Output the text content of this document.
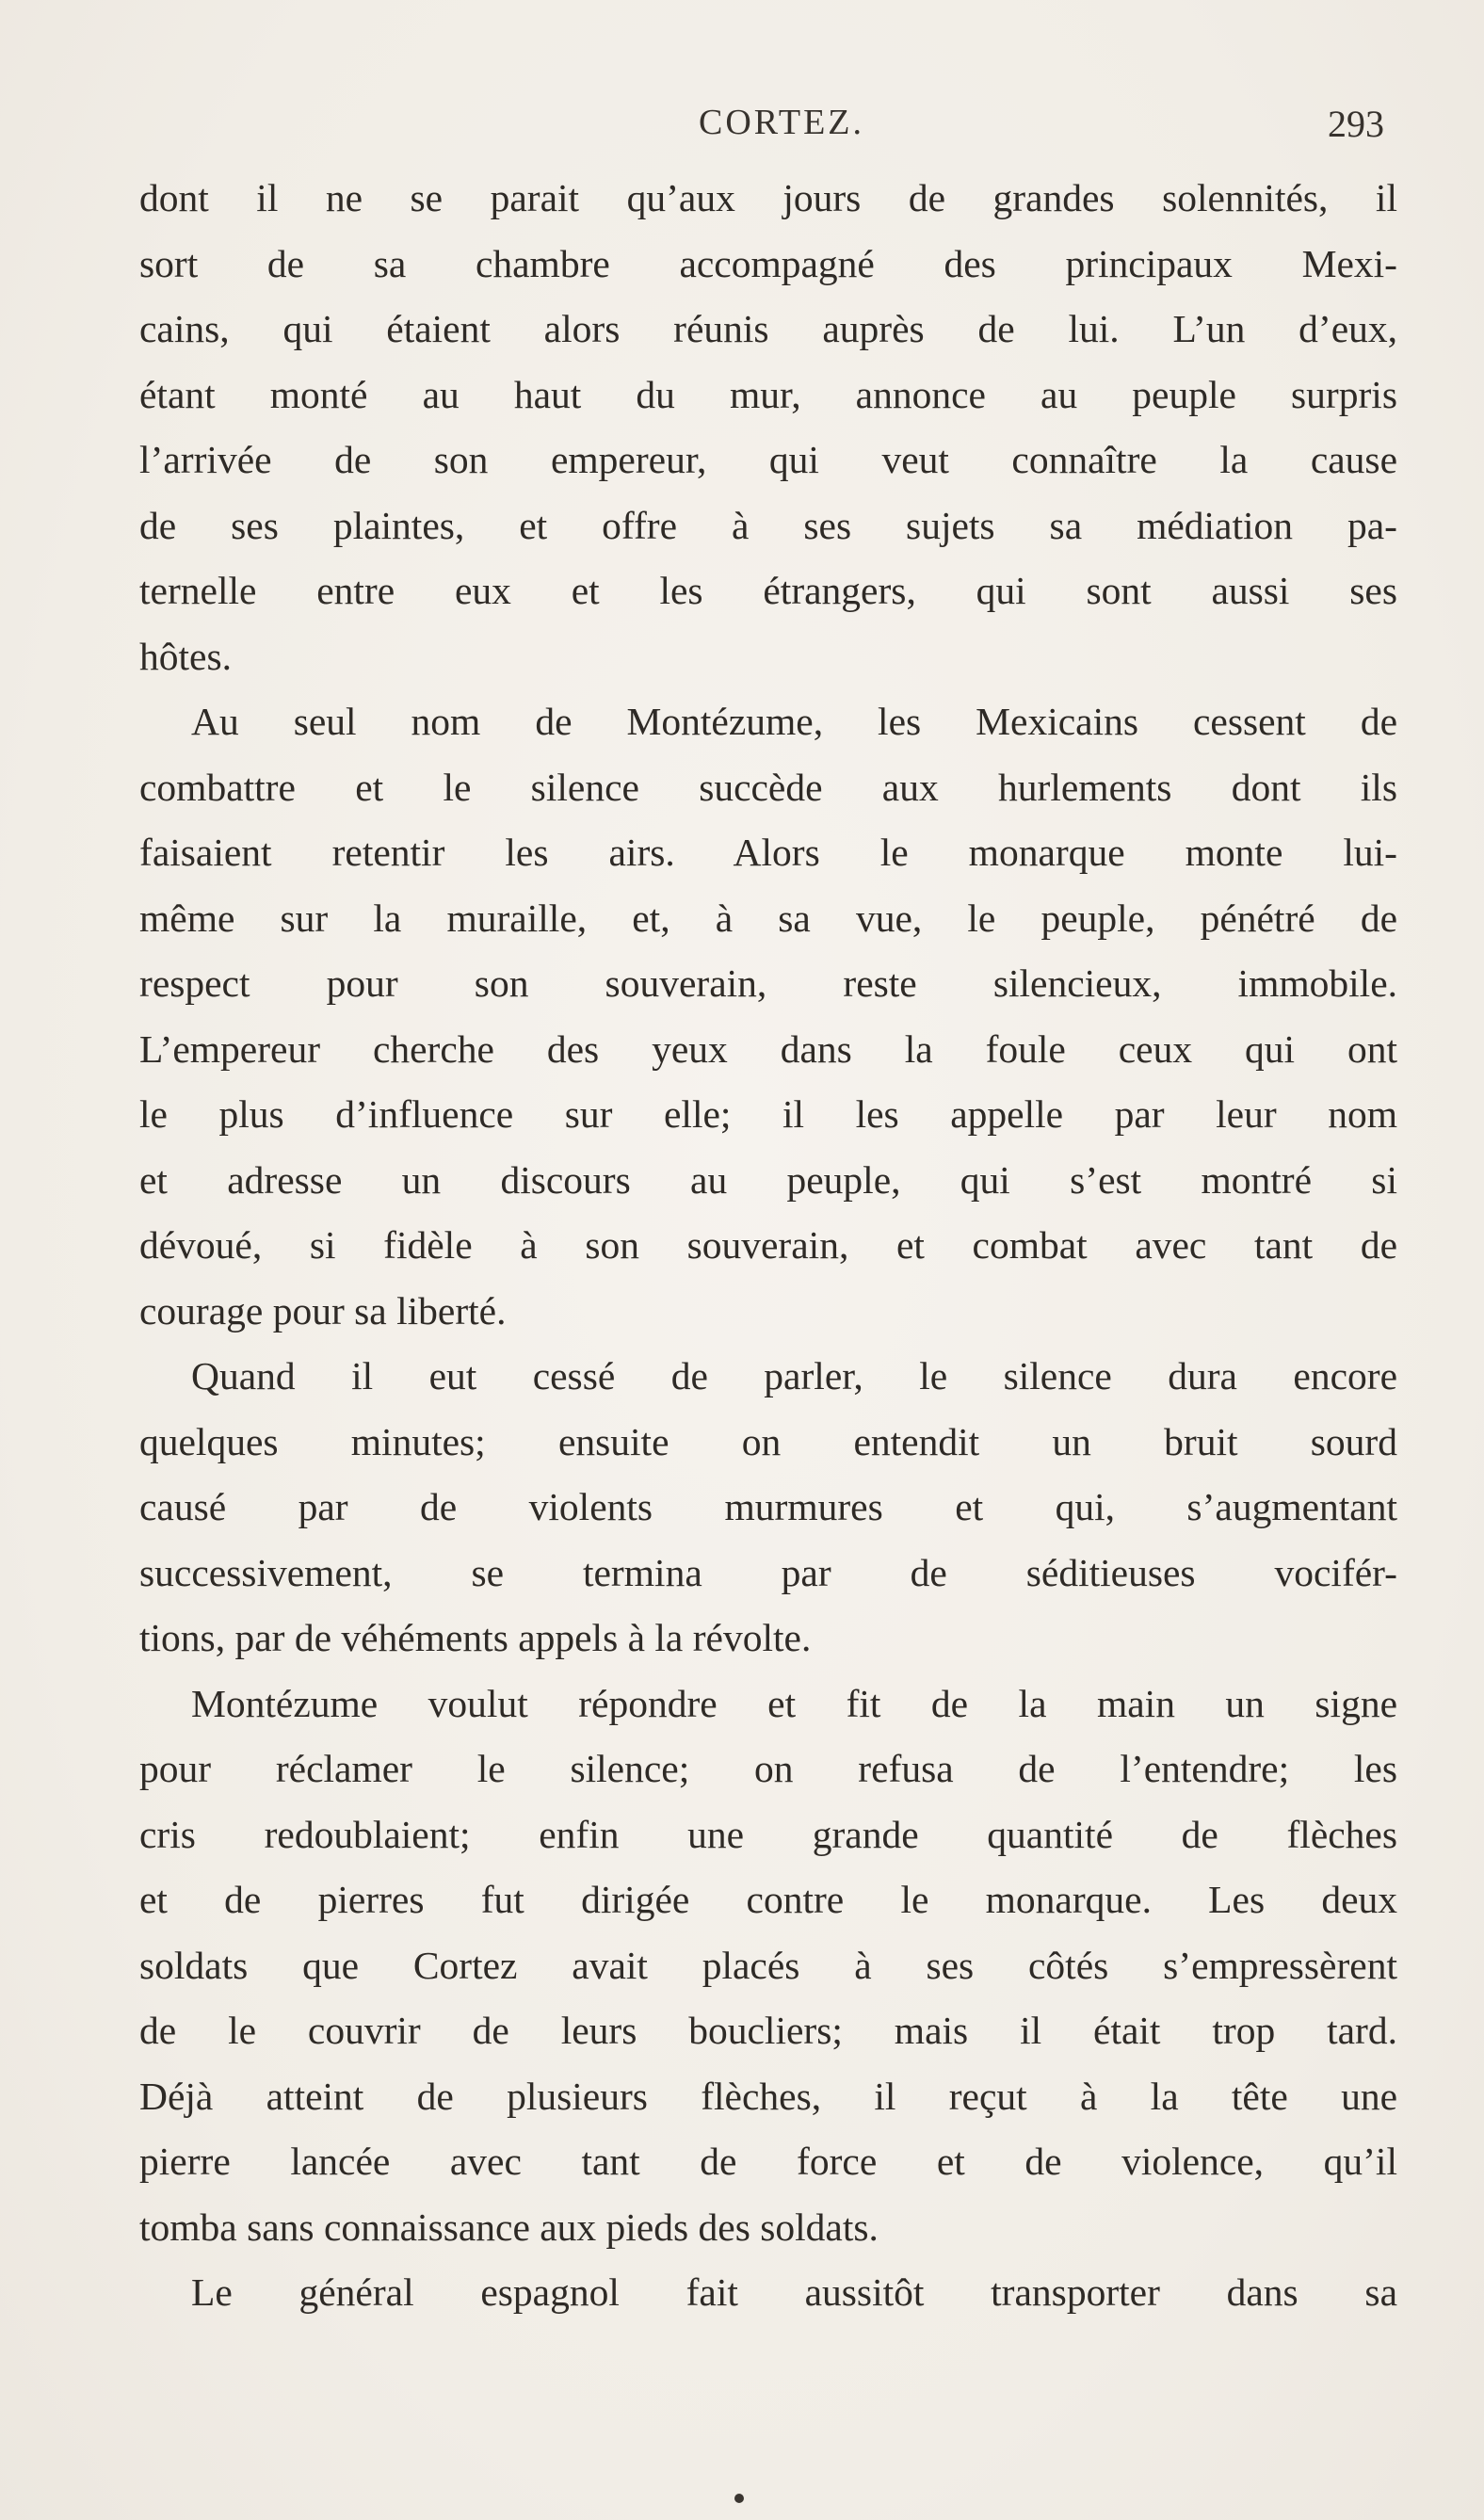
CORTEZ.	293

dont il ne se parait qu’aux jours de grandes solennités, il
sort de sa chambre accompagné des principaux Mexi-
cains, qui étaient alors réunis auprès de lui. L’un d’eux,
étant monté au haut du mur, annonce au peuple surpris
l’arrivée de son empereur, qui veut connaître la cause
de ses plaintes, et offre à ses sujets sa médiation pa-
ternelle entre eux et les étrangers, qui sont aussi ses
hôtes.

Au seul nom de Montézume, les Mexicains cessent de
combattre et le silence succède aux hurlements dont ils
faisaient retentir les airs. Alors le monarque monte lui-
même sur la muraille, et, à sa vue, le peuple, pénétré de
respect pour son souverain, reste silencieux, immobile.
L’empereur cherche des yeux dans la foule ceux qui ont
le plus d’influence sur elle; il les appelle par leur nom
et adresse un discours au peuple, qui s’est montré si
dévoué, si fidèle à son souverain, et combat avec tant de
courage pour sa liberté.

Quand il eut cessé de parler, le silence dura encore
quelques minutes; ensuite on entendit un bruit sourd
causé par de violents murmures et qui, s’augmentant
successivement, se termina par de séditieuses vocifér-
tions, par de véhéments appels à la révolte.

Montézume voulut répondre et fit de la main un signe
pour réclamer le silence; on refusa de l’entendre; les
cris redoublaient; enfin une grande quantité de flèches
et de pierres fut dirigée contre le monarque. Les deux
soldats que Cortez avait placés à ses côtés s’empressèrent
de le couvrir de leurs boucliers; mais il était trop tard.
Déjà atteint de plusieurs flèches, il reçut à la tête une
pierre lancée avec tant de force et de violence, qu’il
tomba sans connaissance aux pieds des soldats.

Le général espagnol fait aussitôt transporter dans sa
